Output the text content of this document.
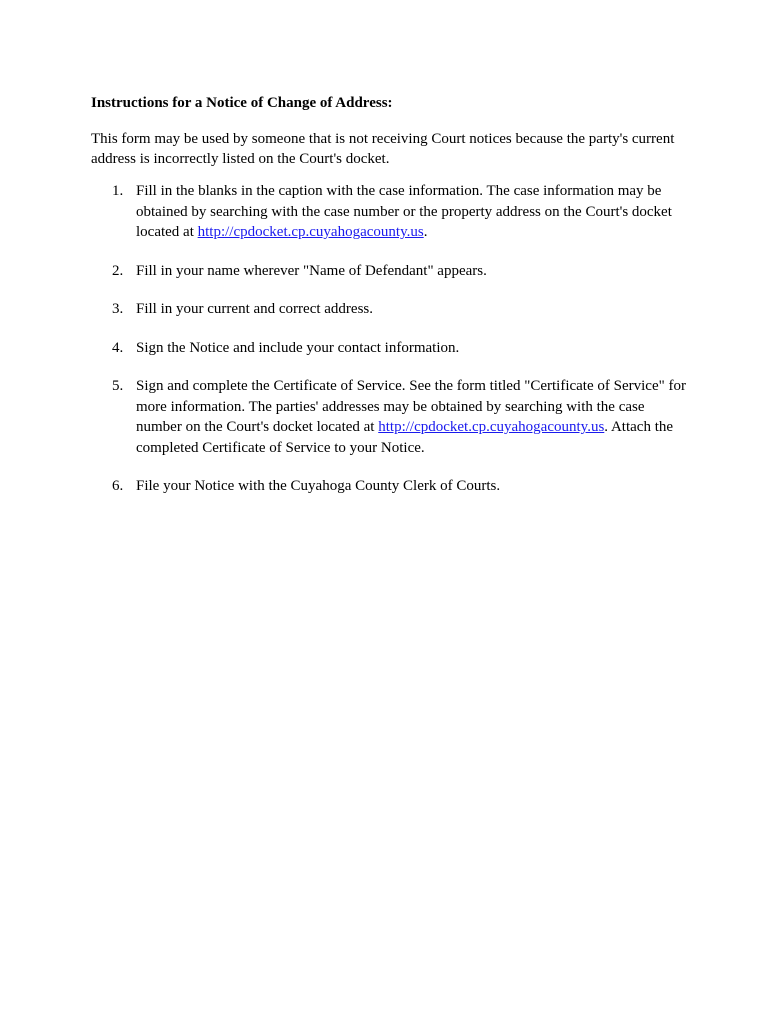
Instructions for a Notice of Change of Address:
This form may be used by someone that is not receiving Court notices because the party's current address is incorrectly listed on the Court's docket.
1. Fill in the blanks in the caption with the case information. The case information may be obtained by searching with the case number or the property address on the Court's docket located at http://cpdocket.cp.cuyahogacounty.us.
2. Fill in your name wherever "Name of Defendant" appears.
3. Fill in your current and correct address.
4. Sign the Notice and include your contact information.
5. Sign and complete the Certificate of Service. See the form titled "Certificate of Service" for more information. The parties' addresses may be obtained by searching with the case number on the Court's docket located at http://cpdocket.cp.cuyahogacounty.us. Attach the completed Certificate of Service to your Notice.
6. File your Notice with the Cuyahoga County Clerk of Courts.
